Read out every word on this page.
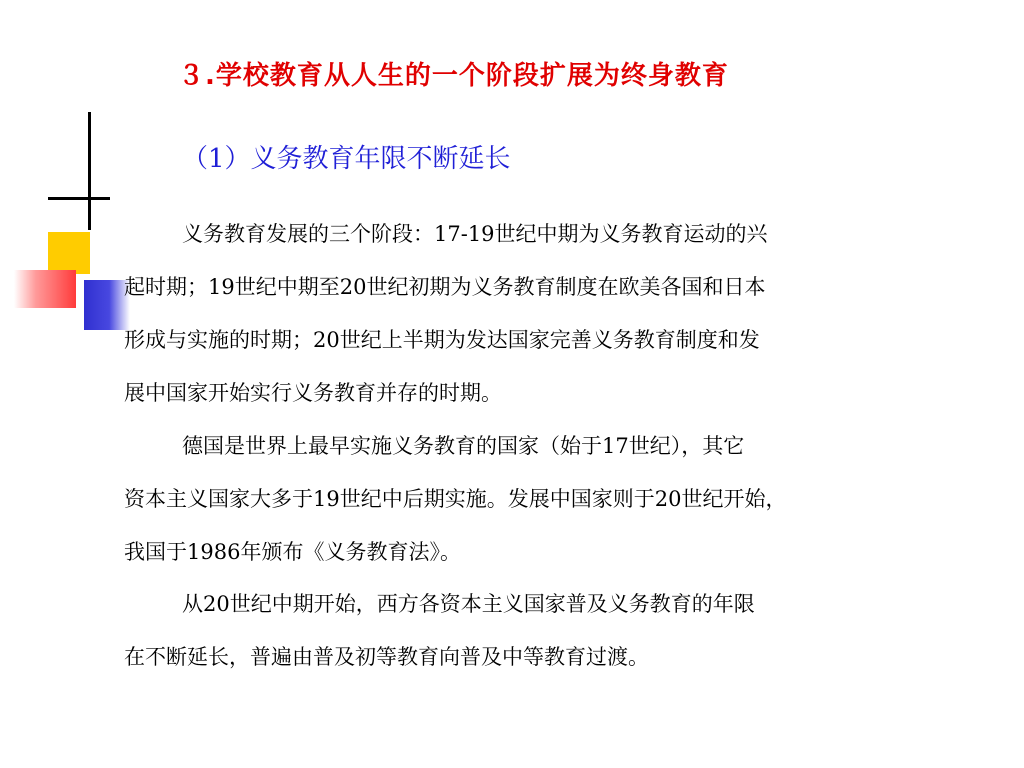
３.学校教育从人生的一个阶段扩展为终身教育
（1）义务教育年限不断延长
义务教育发展的三个阶段：17-19世纪中期为义务教育运动的兴
起时期；19世纪中期至20世纪初期为义务教育制度在欧美各国和日本
形成与实施的时期；20世纪上半期为发达国家完善义务教育制度和发
展中国家开始实行义务教育并存的时期。
德国是世界上最早实施义务教育的国家（始于17世纪），其它
资本主义国家大多于19世纪中后期实施。发展中国家则于20世纪开始，
我国于1986年颁布《义务教育法》。
从20世纪中期开始，西方各资本主义国家普及义务教育的年限
在不断延长，普遍由普及初等教育向普及中等教育过渡。
